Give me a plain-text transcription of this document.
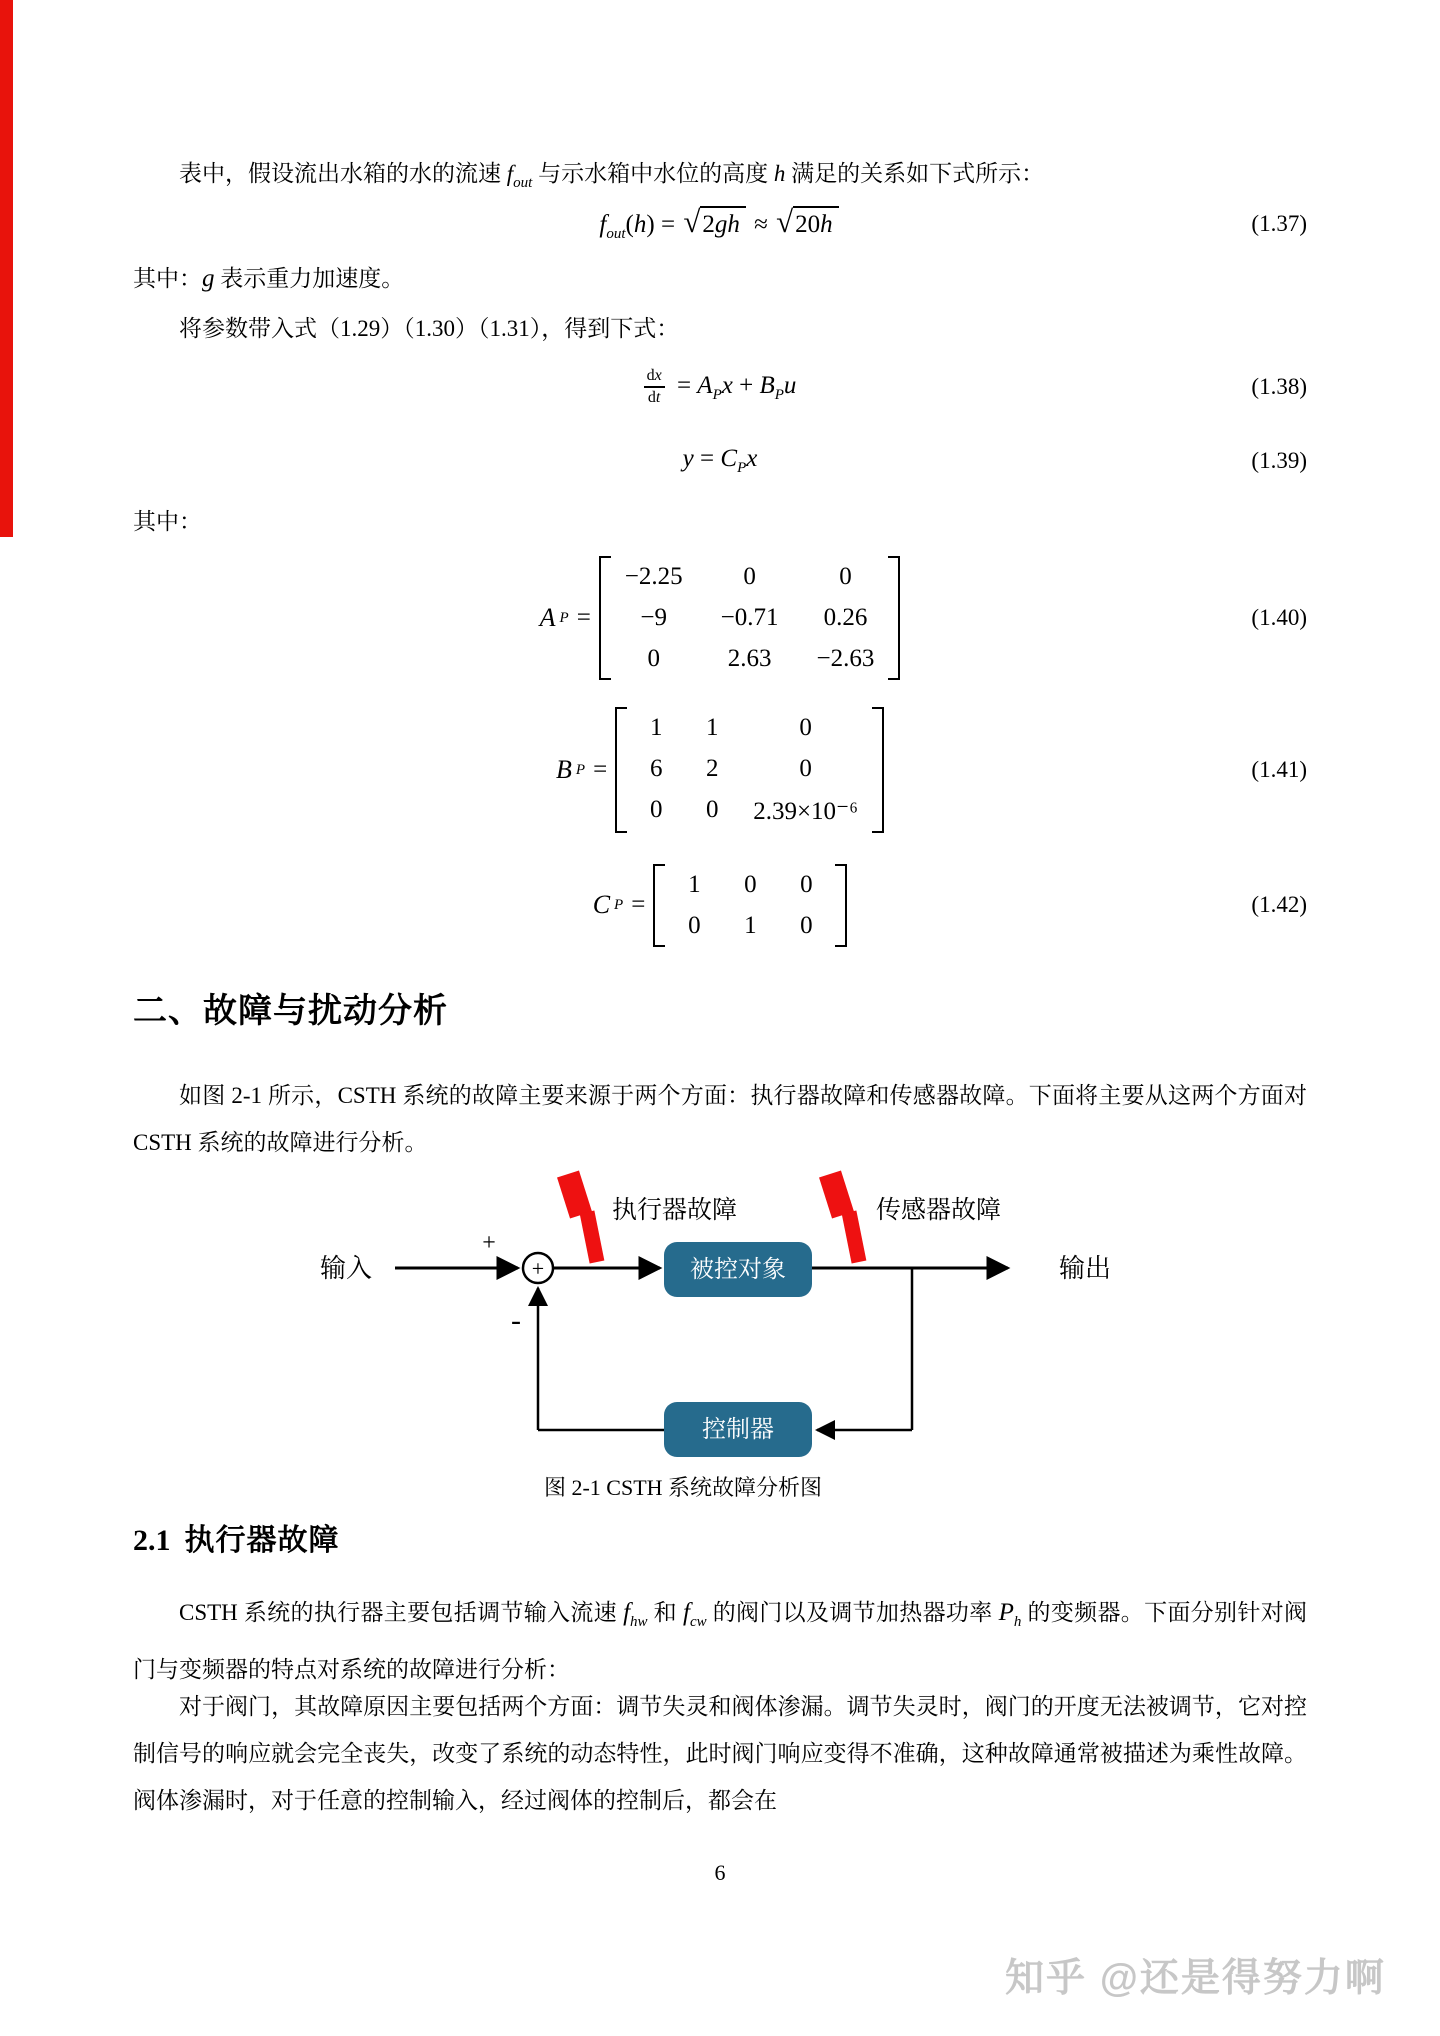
表中，假设流出水箱的水的流速 $f_{out}$ 与示水箱中水位的高度 h 满足的关系如下式所示：
$f_{out}(h)$ = √ 2gh ≈ √ 20h	(1.37)
其中：g 表示重力加速度。
将参数带入式（1.29）（1.30）（1.31），得到下式：
$\frac{dx}{dt} = A_Px + B_Pu$	(1.38)
$y = C_Px$	(1.39)
其中：
A P =
−2.25	0	0
−9	−0.71 0.26
0	2.63 −2.63
(1.40)
B P =
1	1	0
6	2	0
0	0	2.39×10⁻⁶
(1.41)
C P =
1	0	0
0	1	0
(1.42)
二、故障与扰动分析
如图 2-1 所示，CSTH 系统的故障主要来源于两个方面：执行器故障和传感器故障。下面将主要从这两个方面对 CSTH 系统的故障进行分析。
+
+
被控对象
输入	输出
控制器
-
执行器故障	传感器故障
图 2-1 CSTH 系统故障分析图
2.1 执行器故障
CSTH 系统的执行器主要包括调节输入流速 $f_{hw}$ 和 $f_{cw}$ 的阀门以及调节加热器功率 $P_h$ 的变频器。下面分别针对阀门与变频器的特点对系统的故障进行分析：
对于阀门，其故障原因主要包括两个方面：调节失灵和阀体渗漏。调节失灵时，阀门的开度无法被调节，它对控制信号的响应就会完全丧失，改变了系统的动态特性，此时阀门响应变得不准确，这种故障通常被描述为乘性故障。阀体渗漏时，对于任意的控制输入，经过阀体的控制后，都会在
6
知乎 @还是得努力啊
